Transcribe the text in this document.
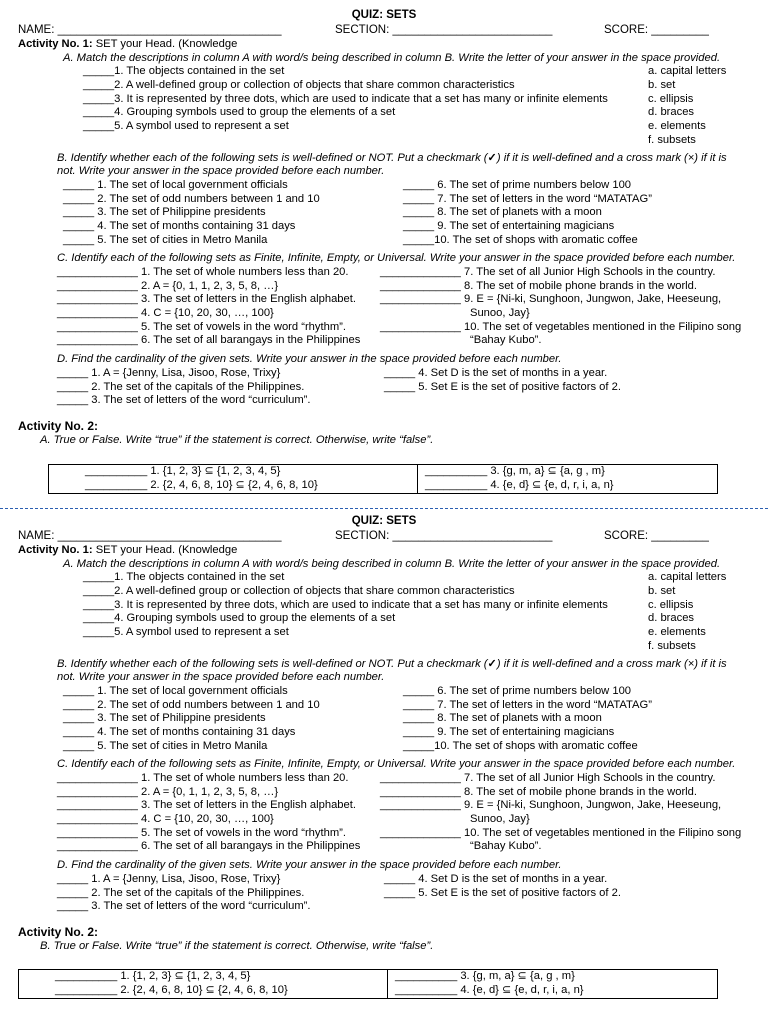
QUIZ: SETS
NAME: ___________________________________	SECTION: _________________________	SCORE: _________
Activity No. 1: SET your Head. (Knowledge
A. Match the descriptions in column A with word/s being described in column B. Write the letter of your answer in the space provided.
_____1. The objects contained in the set	a. capital letters
_____2. A well-defined group or collection of objects that share common characteristics	b. set
_____3. It is represented by three dots, which are used to indicate that a set has many or infinite elements	c. ellipsis
_____4. Grouping symbols used to group the elements of a set	d. braces
_____5. A symbol used to represent a set	e. elements
f. subsets
B. Identify whether each of the following sets is well-defined or NOT. Put a checkmark (✓) if it is well-defined and a cross mark (×) if it is
not. Write your answer in the space provided before each number.
_____ 1. The set of local government officials	_____ 6. The set of prime numbers below 100
_____ 2. The set of odd numbers between 1 and 10	_____ 7. The set of letters in the word “MATATAG”
_____ 3. The set of Philippine presidents	_____ 8. The set of planets with a moon
_____ 4. The set of months containing 31 days	_____ 9. The set of entertaining magicians
_____ 5. The set of cities in Metro Manila	_____10. The set of shops with aromatic coffee
C. Identify each of the following sets as Finite, Infinite, Empty, or Universal. Write your answer in the space provided before each number.
_____________ 1. The set of whole numbers less than 20.	_____________ 7. The set of all Junior High Schools in the country.
_____________ 2. A = {0, 1, 1, 2, 3, 5, 8, …}	_____________ 8. The set of mobile phone brands in the world.
_____________ 3. The set of letters in the English alphabet. _____________ 9. E = {Ni-ki, Sunghoon, Jungwon, Jake, Heeseung,
_____________ 4. C = {10, 20, 30, …, 100}	Sunoo, Jay}
_____________ 5. The set of vowels in the word “rhythm”.	_____________ 10. The set of vegetables mentioned in the Filipino song
_____________ 6. The set of all barangays in the Philippines	“Bahay Kubo”.
D. Find the cardinality of the given sets. Write your answer in the space provided before each number.
_____ 1. A = {Jenny, Lisa, Jisoo, Rose, Trixy}	_____ 4. Set D is the set of months in a year.
_____ 2. The set of the capitals of the Philippines.	_____ 5. Set E is the set of positive factors of 2.
_____ 3. The set of letters of the word “curriculum”.
Activity No. 2:
A. True or False. Write “true” if the statement is correct. Otherwise, write “false”.
__________ 1. {1, 2, 3} ⊆ {1, 2, 3, 4, 5}
__________ 2. {2, 4, 6, 8, 10} ⊆ {2, 4, 6, 8, 10}
__________ 3. {g, m, a} ⊆ {a, g , m}
__________ 4. {e, d} ⊆ {e, d, r, i, a, n}
QUIZ: SETS
NAME: ___________________________________	SECTION: _________________________	SCORE: _________
Activity No. 1: SET your Head. (Knowledge
A. Match the descriptions in column A with word/s being described in column B. Write the letter of your answer in the space provided.
_____1. The objects contained in the set	a. capital letters
_____2. A well-defined group or collection of objects that share common characteristics	b. set
_____3. It is represented by three dots, which are used to indicate that a set has many or infinite elements	c. ellipsis
_____4. Grouping symbols used to group the elements of a set	d. braces
_____5. A symbol used to represent a set	e. elements
f. subsets
B. Identify whether each of the following sets is well-defined or NOT. Put a checkmark (✓) if it is well-defined and a cross mark (×) if it is
not. Write your answer in the space provided before each number.
_____ 1. The set of local government officials	_____ 6. The set of prime numbers below 100
_____ 2. The set of odd numbers between 1 and 10	_____ 7. The set of letters in the word “MATATAG”
_____ 3. The set of Philippine presidents	_____ 8. The set of planets with a moon
_____ 4. The set of months containing 31 days	_____ 9. The set of entertaining magicians
_____ 5. The set of cities in Metro Manila	_____10. The set of shops with aromatic coffee
C. Identify each of the following sets as Finite, Infinite, Empty, or Universal. Write your answer in the space provided before each number.
_____________ 1. The set of whole numbers less than 20.	_____________ 7. The set of all Junior High Schools in the country.
_____________ 2. A = {0, 1, 1, 2, 3, 5, 8, …}	_____________ 8. The set of mobile phone brands in the world.
_____________ 3. The set of letters in the English alphabet. _____________ 9. E = {Ni-ki, Sunghoon, Jungwon, Jake, Heeseung,
_____________ 4. C = {10, 20, 30, …, 100}	Sunoo, Jay}
_____________ 5. The set of vowels in the word “rhythm”.	_____________ 10. The set of vegetables mentioned in the Filipino song
_____________ 6. The set of all barangays in the Philippines	“Bahay Kubo”.
D. Find the cardinality of the given sets. Write your answer in the space provided before each number.
_____ 1. A = {Jenny, Lisa, Jisoo, Rose, Trixy}	_____ 4. Set D is the set of months in a year.
_____ 2. The set of the capitals of the Philippines.	_____ 5. Set E is the set of positive factors of 2.
_____ 3. The set of letters of the word “curriculum”.
Activity No. 2:
B. True or False. Write “true” if the statement is correct. Otherwise, write “false”.
__________ 1. {1, 2, 3} ⊆ {1, 2, 3, 4, 5}
__________ 2. {2, 4, 6, 8, 10} ⊆ {2, 4, 6, 8, 10}
__________ 3. {g, m, a} ⊆ {a, g , m}
__________ 4. {e, d} ⊆ {e, d, r, i, a, n}
